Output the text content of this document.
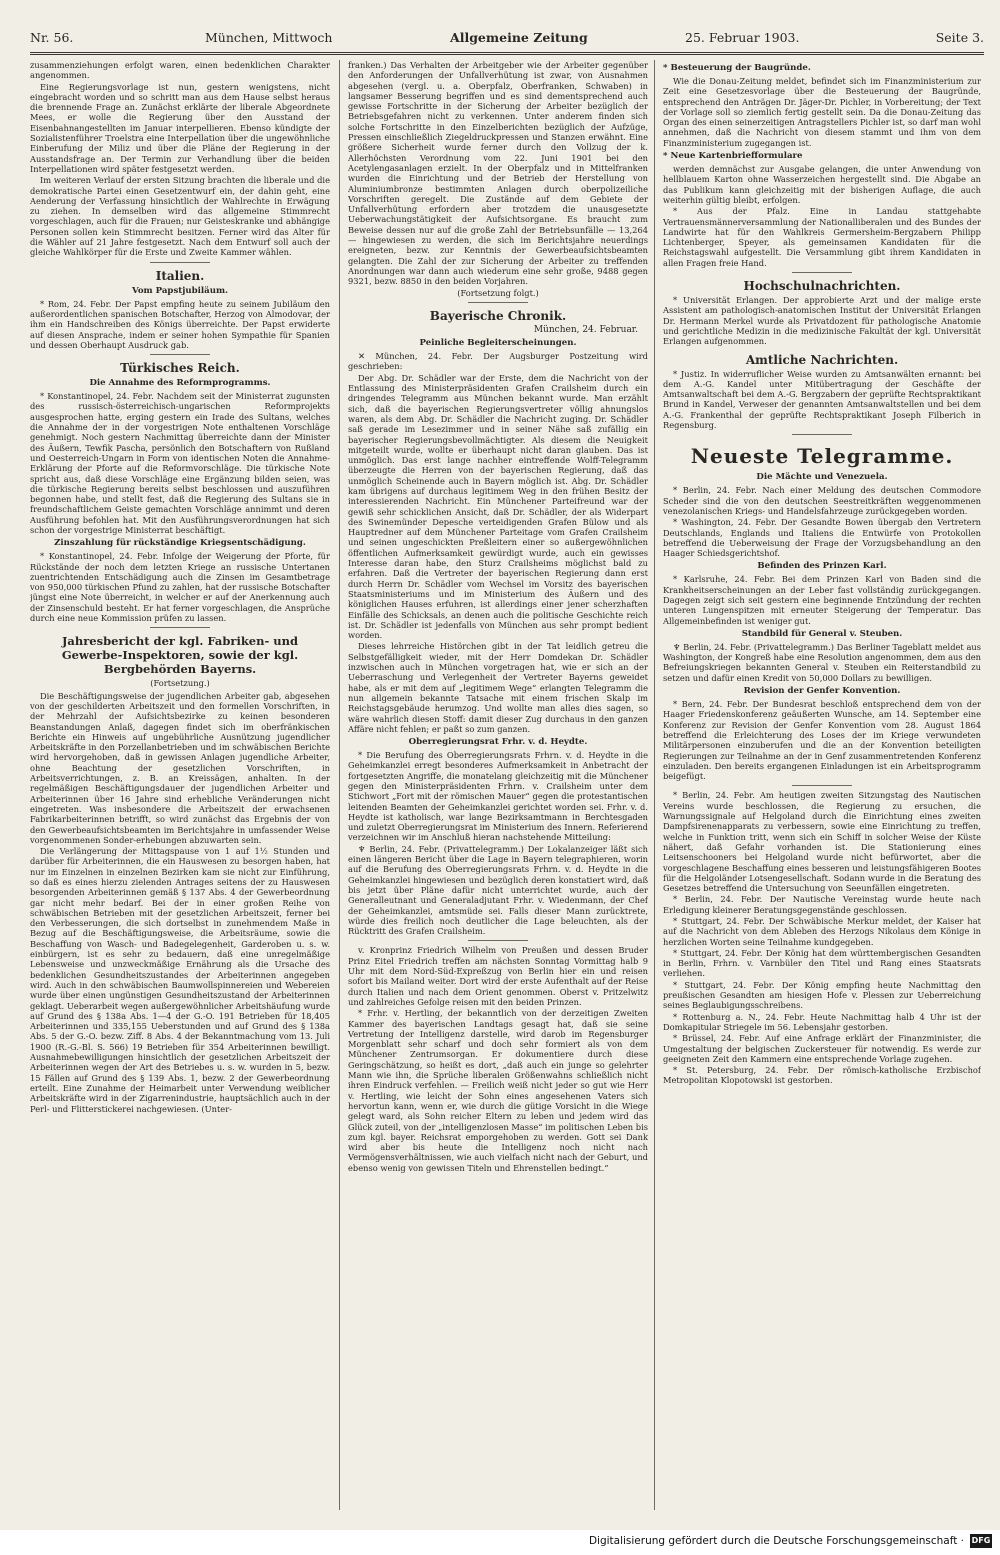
Nr. 56.	München, Mittwoch	Allgemeine Zeitung	25. Februar 1903.	Seite 3.

zusammenziehungen erfolgt waren, einen bedenklichen Charakter angenommen.

Eine Regierungsvorlage ist nun, gestern wenigstens, nicht eingebracht worden und so schritt man aus dem Hause selbst heraus die brennende Frage an. Zunächst erklärte der liberale Abgeordnete Mees, er wolle die Regierung über den Ausstand der Eisenbahnangestellten im Januar interpellieren. Ebenso kündigte der Sozialistenführer Troelstra eine Interpellation über die ungewöhnliche Einberufung der Miliz und über die Pläne der Regierung in der Ausstandsfrage an. Der Termin zur Verhandlung über die beiden Interpellationen wird später festgesetzt werden.

Im weiteren Verlauf der ersten Sitzung brachten die liberale und die demokratische Partei einen Gesetzentwurf ein, der dahin geht, eine Aenderung der Verfassung hinsichtlich der Wahlrechte in Erwägung zu ziehen. In demselben wird das allgemeine Stimmrecht vorgeschlagen, auch für die Frauen; nur Geisteskranke und abhängige Personen sollen kein Stimmrecht besitzen. Ferner wird das Alter für die Wähler auf 21 Jahre festgesetzt. Nach dem Entwurf soll auch der gleiche Wahlkörper für die Erste und Zweite Kammer wählen.

Italien.
Vom Papstjubiläum.

* Rom, 24. Febr. Der Papst empfing heute zu seinem Jubiläum den außerordentlichen spanischen Botschafter, Herzog von Almodovar, der ihm ein Handschreiben des Königs überreichte. Der Papst erwiderte auf diesen Ansprache, indem er seiner hohen Sympathie für Spanien und dessen Oberhaupt Ausdruck gab.

Türkisches Reich.
Die Annahme des Reformprogramms.

* Konstantinopel, 24. Febr. Nachdem seit der Ministerrat zugunsten des russisch-österreichisch-ungarischen Reformprojekts ausgesprochen hatte, erging gestern ein Irade des Sultans, welches die Annahme der in der vorgestrigen Note enthaltenen Vorschläge genehmigt. Noch gestern Nachmittag überreichte dann der Minister des Äußern, Tewfik Pascha, persönlich den Botschaftern von Rußland und Oesterreich-Ungarn in Form von identischen Noten die Annahme-Erklärung der Pforte auf die Reformvorschläge. Die türkische Note spricht aus, daß diese Vorschläge eine Ergänzung bilden seien, was die türkische Regierung bereits selbst beschlossen und auszuführen begonnen habe, und stellt fest, daß die Regierung des Sultans sie in freundschaftlichem Geiste gemachten Vorschläge annimmt und deren Ausführung befohlen hat. Mit den Ausführungsverordnungen hat sich schon der vorgestrige Ministerrat beschäftigt.

Zinszahlung für rückständige Kriegsentschädigung.

* Konstantinopel, 24. Febr. Infolge der Weigerung der Pforte, für Rückstände der noch dem letzten Kriege an russische Untertanen zuentrichtenden Entschädigung auch die Zinsen im Gesamtbetrage von 950,000 türkischen Pfund zu zahlen, hat der russische Botschafter jüngst eine Note überreicht, in welcher er auf der Anerkennung auch der Zinsenschuld besteht. Er hat ferner vorgeschlagen, die Ansprüche durch eine neue Kommission prüfen zu lassen.

Jahresbericht der kgl. Fabriken- und Gewerbe-Inspektoren, sowie der kgl. Bergbehörden Bayerns.
(Fortsetzung.)

Die Beschäftigungsweise der jugendlichen Arbeiter gab, abgesehen von der geschilderten Arbeitszeit und den formellen Vorschriften, in der Mehrzahl der Aufsichtsbezirke zu keinen besonderen Beanstandungen Anlaß, dagegen findet sich im oberfränkischen Berichte ein Hinweis auf ungebührliche Ausnützung jugendlicher Arbeitskräfte in den Porzellanbetrieben und im schwäbischen Berichte wird hervorgehoben, daß in gewissen Anlagen jugendliche Arbeiter, ohne Beachtung der gesetzlichen Vorschriften, in Arbeitsverrichtungen, z. B. an Kreissägen, anhalten. In der regelmäßigen Beschäftigungsdauer der jugendlichen Arbeiter und Arbeiterinnen über 16 Jahre sind erhebliche Veränderungen nicht eingetreten. Was insbesondere die Arbeitszeit der erwachsenen Fabrikarbeiterinnen betrifft, so wird zunächst das Ergebnis der von den Gewerbeaufsichtsbeamten im Berichtsjahre in umfassender Weise vorgenommenen Sonder-erhebungen abzuwarten sein.

Die Verlängerung der Mittagspause von 1 auf 1½ Stunden und darüber für Arbeiterinnen, die ein Hauswesen zu besorgen haben, hat nur im Einzelnen in einzelnen Bezirken kam sie nicht zur Einführung, so daß es eines hierzu zielenden Antrages seitens der zu Hauswesen besorgenden Arbeiterinnen gemäß § 137 Abs. 4 der Gewerbeordnung gar nicht mehr bedarf. Bei der in einer großen Reihe von schwäbischen Betrieben mit der gesetzlichen Arbeitszeit, ferner bei den Verbesserungen, die sich dortselbst in zunehmendem Maße in Bezug auf die Beschäftigungsweise, die Arbeitsräume, sowie die Beschaffung von Wasch- und Badegelegenheit, Garderoben u. s. w. einbürgern, ist es sehr zu bedauern, daß eine unregelmäßige Lebensweise und unzweckmäßige Ernährung als die Ursache des bedenklichen Gesundheitszustandes der Arbeiterinnen angegeben wird. Auch in den schwäbischen Baumwollspinnereien und Webereien wurde über einen ungünstigen Gesundheitszustand der Arbeiterinnen geklagt. Ueberarbeit wegen außergewöhnlicher Arbeitshäufung wurde auf Grund des § 138a Abs. 1—4 der G.-O. 191 Betrieben für 18,405 Arbeiterinnen und 335,155 Ueberstunden und auf Grund des § 138a Abs. 5 der G.-O. bezw. Ziff. 8 Abs. 4 der Bekanntmachung vom 13. Juli 1900 (R.-G.-Bl. S. 566) 19 Betrieben für 354 Arbeiterinnen bewilligt. Ausnahmebewilligungen hinsichtlich der gesetzlichen Arbeitszeit der Arbeiterinnen wegen der Art des Betriebes u. s. w. wurden in 5, bezw. 15 Fällen auf Grund des § 139 Abs. 1, bezw. 2 der Gewerbeordnung erteilt. Eine Zunahme der Heimarbeit unter Verwendung weiblicher Arbeitskräfte wird in der Zigarrenindustrie, hauptsächlich auch in der Perl- und Flitterstickerei nachgewiesen. (Unter-

franken.) Das Verhalten der Arbeitgeber wie der Arbeiter gegenüber den Anforderungen der Unfallverhütung ist zwar, von Ausnahmen abgesehen (vergl. u. a. Oberpfalz, Oberfranken, Schwaben) in langsamer Besserung begriffen und es sind dementsprechend auch gewisse Fortschritte in der Sicherung der Arbeiter bezüglich der Betriebsgefahren nicht zu verkennen. Unter anderem finden sich solche Fortschritte in den Einzelberichten bezüglich der Aufzüge, Pressen einschließlich Ziegeldruckpressen und Stanzen erwähnt. Eine größere Sicherheit wurde ferner durch den Vollzug der k. Allerhöchsten Verordnung vom 22. Juni 1901 bei den Acetylengasanlagen erzielt. In der Oberpfalz und in Mittelfranken wurden die Einrichtung und der Betrieb der Herstellung von Aluminiumbronze bestimmten Anlagen durch oberpolizeiliche Vorschriften geregelt. Die Zustände auf dem Gebiete der Unfallverhütung erfordern aber trotzdem die unausgesetzte Ueberwachungstätigkeit der Aufsichtsorgane. Es braucht zum Beweise dessen nur auf die große Zahl der Betriebsunfälle — 13,264 — hingewiesen zu werden, die sich im Berichtsjahre neuerdings ereigneten, bezw. zur Kenntnis der Gewerbeaufsichtsbeamten gelangten. Die Zahl der zur Sicherung der Arbeiter zu treffenden Anordnungen war dann auch wiederum eine sehr große, 9488 gegen 9321, bezw. 8850 in den beiden Vorjahren.

(Fortsetzung folgt.)
Bayerische Chronik.
München, 24. Februar.
Peinliche Begleiterscheinungen.

✕ München, 24. Febr. Der Augsburger Postzeitung wird geschrieben:

Der Abg. Dr. Schädler war der Erste, dem die Nachricht von der Entlassung des Ministerpräsidenten Grafen Crailsheim durch ein dringendes Telegramm aus München bekannt wurde. Man erzählt sich, daß die bayerischen Regierungsvertreter völlig ahnungslos waren, als dem Abg. Dr. Schädler die Nachricht zuging. Dr. Schädler saß gerade im Lesezimmer und in seiner Nähe saß zufällig ein bayerischer Regierungsbevollmächtigter. Als diesem die Neuigkeit mitgeteilt wurde, wollte er überhaupt nicht daran glauben. Das ist unmöglich. Das erst lange nachher eintreffende Wolff-Telegramm überzeugte die Herren von der bayerischen Regierung, daß das unmöglich Scheinende auch in Bayern möglich ist. Abg. Dr. Schädler kam übrigens auf durchaus legitimem Weg in den frühen Besitz der interessierenden Nachricht. Ein Münchener Parteifreund war der gewiß sehr schicklichen Ansicht, daß Dr. Schädler, der als Widerpart des Swinemünder Depesche verteidigenden Grafen Bülow und als Hauptredner auf dem Münchener Parteitage vom Grafen Crailsheim und seinen ungeschickten Preßleitern einer so außergewöhnlichen öffentlichen Aufmerksamkeit gewürdigt wurde, auch ein gewisses Interesse daran habe, den Sturz Crailsheims möglichst bald zu erfahren. Daß die Vertreter der bayerischen Regierung dann erst durch Herrn Dr. Schädler vom Wechsel im Vorsitz des bayerischen Staatsministeriums und im Ministerium des Äußern und des königlichen Hauses erfuhren, ist allerdings einer jener scherzhaften Einfälle des Schicksals, an denen auch die politische Geschichte reich ist. Dr. Schädler ist jedenfalls von München aus sehr prompt bedient worden.

Dieses lehrreiche Histörchen gibt in der Tat leidlich getreu die Selbstgefälligkeit wieder, mit der Herr Domdekan Dr. Schädler inzwischen auch in München vorgetragen hat, wie er sich an der Ueberraschung und Verlegenheit der Vertreter Bayerns geweidet habe, als er mit dem auf „legitimem Wege“ erlangten Telegramm die nun allgemein bekannte Tatsache mit einem frischen Skalp im Reichstagsgebäude herumzog. Und wollte man alles dies sagen, so wäre wahrlich diesen Stoff: damit dieser Zug durchaus in den ganzen Affäre nicht fehlen; er paßt so zum ganzen.

Oberregierungsrat Frhr. v. d. Heydte.

* Die Berufung des Oberregierungsrats Frhrn. v. d. Heydte in die Geheimkanzlei erregt besonderes Aufmerksamkeit in Anbetracht der fortgesetzten Angriffe, die monatelang gleichzeitig mit die Münchener gegen den Ministerpräsidenten Frhrn. v. Crailsheim unter dem Stichwort „Fort mit der römischen Mauer“ gegen die protestantischen leitenden Beamten der Geheimkanzlei gerichtet worden sei. Frhr. v. d. Heydte ist katholisch, war lange Bezirksamtmann in Berchtesgaden und zuletzt Oberregierungsrat im Ministerium des Innern. Referierend verzeichnen wir im Anschluß hieran nachstehende Mitteilung:

♆ Berlin, 24. Febr. (Privattelegramm.) Der Lokalanzeiger läßt sich einen längeren Bericht über die Lage in Bayern telegraphieren, worin auf die Berufung des Oberregierungsrats Frhrn. v. d. Heydte in die Geheimkanzlei hingewiesen und bezüglich deren konstatiert wird, daß bis jetzt über Pläne dafür nicht unterrichtet wurde, auch der Generalleutnant und Generaladjutant Frhr. v. Wiedenmann, der Chef der Geheimkanzlei, amtsmüde sei. Falls dieser Mann zurücktrete, würde dies freilich noch deutlicher die Lage beleuchten, als der Rücktritt des Grafen Crailsheim.

v. Kronprinz Friedrich Wilhelm von Preußen und dessen Bruder Prinz Eitel Friedrich treffen am nächsten Sonntag Vormittag halb 9 Uhr mit dem Nord-Süd-Expreßzug von Berlin hier ein und reisen sofort bis Mailand weiter. Dort wird der erste Aufenthalt auf der Reise durch Italien und nach dem Orient genommen. Oberst v. Pritzelwitz und zahlreiches Gefolge reisen mit den beiden Prinzen.

* Frhr. v. Hertling, der bekanntlich von der derzeitigen Zweiten Kammer des bayerischen Landtags gesagt hat, daß sie seine Vertretung der Intelligenz darstelle, wird darob im Regensburger Morgenblatt sehr scharf und doch sehr formiert als von dem Münchener Zentrumsorgan. Er dokumentiere durch diese Geringschätzung, so heißt es dort, „daß auch ein junge so gelehrter Mann wie ihn, die Sprüche liberalen Größenwahns schließlich nicht ihren Eindruck verfehlen. — Freilich weiß nicht jeder so gut wie Herr v. Hertling, wie leicht der Sohn eines angesehenen Vaters sich hervortun kann, wenn er, wie durch die gütige Vorsicht in die Wiege gelegt ward, als Sohn reicher Eltern zu leben und jedem wird das Glück zuteil, von der „intelligenzlosen Masse“ im politischen Leben bis zum kgl. bayer. Reichsrat emporgehoben zu werden. Gott sei Dank wird aber bis heute die Intelligenz noch nicht nach Vermögensverhältnissen, wie auch vielfach nicht nach der Geburt, und ebenso wenig von gewissen Titeln und Ehrenstellen bedingt.“

* Besteuerung der Baugründe.

Wie die Donau-Zeitung meldet, befindet sich im Finanzministerium zur Zeit eine Gesetzesvorlage über die Besteuerung der Baugründe, entsprechend den Anträgen Dr. Jäger-Dr. Pichler, in Vorbereitung; der Text der Vorlage soll so ziemlich fertig gestellt sein. Da die Donau-Zeitung das Organ des einen seinerzeitigen Antragstellers Pichler ist, so darf man wohl annehmen, daß die Nachricht von diesem stammt und ihm von dem Finanzministerium zugegangen ist.

* Neue Kartenbriefformulare

werden demnächst zur Ausgabe gelangen, die unter Anwendung von hellblauem Karton ohne Wasserzeichen hergestellt sind. Die Abgabe an das Publikum kann gleichzeitig mit der bisherigen Auflage, die auch weiterhin gültig bleibt, erfolgen.

* Aus der Pfalz. Eine in Landau stattgehabte Vertrauensmännerversammlung der Nationalliberalen und des Bundes der Landwirte hat für den Wahlkreis Germersheim-Bergzabern Philipp Lichtenberger, Speyer, als gemeinsamen Kandidaten für die Reichstagswahl aufgestellt. Die Versammlung gibt ihrem Kandidaten in allen Fragen freie Hand.

Hochschulnachrichten.

* Universität Erlangen. Der approbierte Arzt und der malige erste Assistent am pathologisch-anatomischen Institut der Universität Erlangen Dr. Hermann Merkel wurde als Privatdozent für pathologische Anatomie und gerichtliche Medizin in die medizinische Fakultät der kgl. Universität Erlangen aufgenommen.

Amtliche Nachrichten.

* Justiz. In widerruflicher Weise wurden zu Amtsanwälten ernannt: bei dem A.-G. Kandel unter Mitübertragung der Geschäfte der Amtsanwaltschaft bei dem A.-G. Bergzabern der geprüfte Rechtspraktikant Brund in Kandel, Verweser der genannten Amtsanwaltstellen und bei dem A.-G. Frankenthal der geprüfte Rechtspraktikant Joseph Filberich in Regensburg.

Neueste Telegramme.
Die Mächte und Venezuela.

* Berlin, 24. Febr. Nach einer Meldung des deutschen Commodore Scheder sind die von den deutschen Seestreitkräften weggenommenen venezolanischen Kriegs- und Handelsfahrzeuge zurückgegeben worden.

* Washington, 24. Febr. Der Gesandte Bowen übergab den Vertretern Deutschlands, Englands und Italiens die Entwürfe von Protokollen betreffend die Ueberweisung der Frage der Vorzugsbehandlung an den Haager Schiedsgerichtshof.

Befinden des Prinzen Karl.

* Karlsruhe, 24. Febr. Bei dem Prinzen Karl von Baden sind die Krankheitserscheinungen an der Leber fast vollständig zurückgegangen. Dagegen zeigt sich seit gestern eine beginnende Entzündung der rechten unteren Lungenspitzen mit erneuter Steigerung der Temperatur. Das Allgemeinbefinden ist weniger gut.

Standbild für General v. Steuben.

♆ Berlin, 24. Febr. (Privattelegramm.) Das Berliner Tageblatt meldet aus Washington, der Kongreß habe eine Resolution angenommen, dem aus den Befreiungskriegen bekannten General v. Steuben ein Reiterstandbild zu setzen und dafür einen Kredit von 50,000 Dollars zu bewilligen.

Revision der Genfer Konvention.

* Bern, 24. Febr. Der Bundesrat beschloß entsprechend dem von der Haager Friedenskonferenz geäußerten Wunsche, am 14. September eine Konferenz zur Revision der Genfer Konvention vom 28. August 1864 betreffend die Erleichterung des Loses der im Kriege verwundeten Militärpersonen einzuberufen und die an der Konvention beteiligten Regierungen zur Teilnahme an der in Genf zusammentretenden Konferenz einzuladen. Den bereits ergangenen Einladungen ist ein Arbeitsprogramm beigefügt.

* Berlin, 24. Febr. Am heutigen zweiten Sitzungstag des Nautischen Vereins wurde beschlossen, die Regierung zu ersuchen, die Warnungssignale auf Helgoland durch die Einrichtung eines zweiten Dampfsirenenapparats zu verbessern, sowie eine Einrichtung zu treffen, welche in Funktion tritt, wenn sich ein Schiff in solcher Weise der Küste nähert, daß Gefahr vorhanden ist. Die Stationierung eines Leitsenschooners bei Helgoland wurde nicht befürwortet, aber die vorgeschlagene Beschaffung eines besseren und leistungsfähigeren Bootes für die Helgoländer Lotsengesellschaft. Sodann wurde in die Beratung des Gesetzes betreffend die Untersuchung von Seeunfällen eingetreten.

* Berlin, 24. Febr. Der Nautische Vereinstag wurde heute nach Erledigung kleinerer Beratungsgegenstände geschlossen.

* Stuttgart, 24. Febr. Der Schwäbische Merkur meldet, der Kaiser hat auf die Nachricht von dem Ableben des Herzogs Nikolaus dem Könige in herzlichen Worten seine Teilnahme kundgegeben.

* Stuttgart, 24. Febr. Der König hat dem württembergischen Gesandten in Berlin, Frhrn. v. Varnbüler den Titel und Rang eines Staatsrats verliehen.

* Stuttgart, 24. Febr. Der König empfing heute Nachmittag den preußischen Gesandten am hiesigen Hofe v. Plessen zur Ueberreichung seines Beglaubigungsschreibens.

* Rottenburg a. N., 24. Febr. Heute Nachmittag halb 4 Uhr ist der Domkapitular Striegele im 56. Lebensjahr gestorben.

* Brüssel, 24. Febr. Auf eine Anfrage erklärt der Finanzminister, die Umgestaltung der belgischen Zuckersteuer für notwendig. Es werde zur geeigneten Zeit den Kammern eine entsprechende Vorlage zugehen.

* St. Petersburg, 24. Febr. Der römisch-katholische Erzbischof Metropolitan Klopotowski ist gestorben.

Digitalisierung gefördert durch die Deutsche Forschungsgemeinschaft · DFG
